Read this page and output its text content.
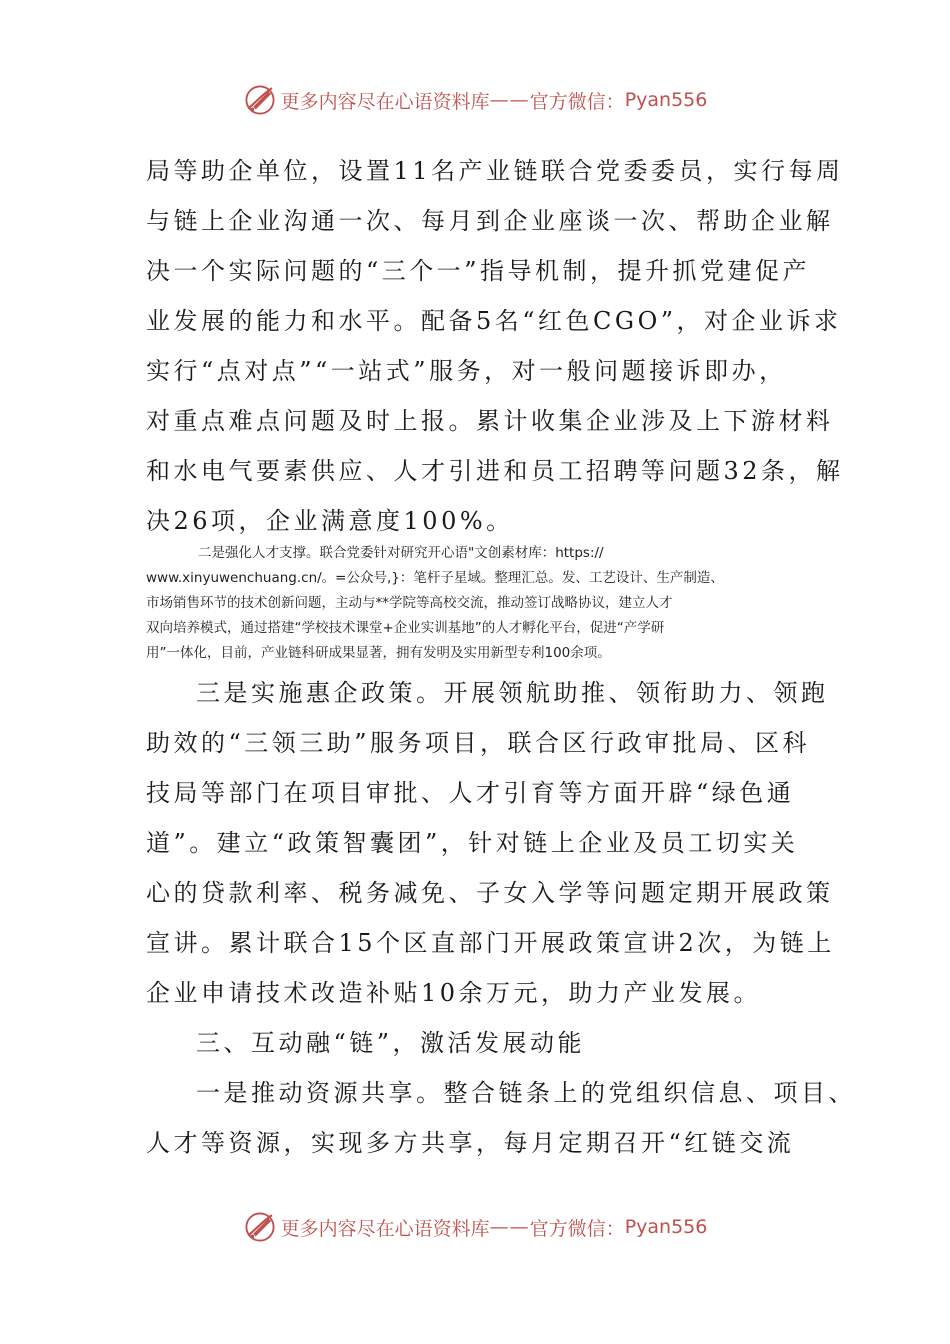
更多内容尽在心语资料库 —— 官方微信： Pyan556

局等助企单位，设置11名产业链联合党委委员，实行每周

与链上企业沟通一次、每月到企业座谈一次、帮助企业解

决一个实际问题的“三个一”指导机制，提升抓党建促产

业发展的能力和水平。配备5名“红色CGO”，对企业诉求

实行“点对点”“一站式”服务，对一般问题接诉即办，

对重点难点问题及时上报。累计收集企业涉及上下游材料

和水电气要素供应、人才引进和员工招聘等问题32条，解

决26项，企业满意度100%。

二是强化人才支撑。联合党委针对研究开心语"文创素材库：https://

www.xinyuwenchuang.cn/。=公众号,}：笔杆子星域。整理汇总。发、工艺设计、生产制造、

市场销售环节的技术创新问题，主动与**学院等高校交流，推动签订战略协议，建立人才

双向培养模式，通过搭建“学校技术课堂+企业实训基地”的人才孵化平台，促进“产学研

用”一体化，目前，产业链科研成果显著，拥有发明及实用新型专利100余项。

三是实施惠企政策。开展领航助推、领衔助力、领跑

助效的“三领三助”服务项目，联合区行政审批局、区科

技局等部门在项目审批、人才引育等方面开辟“绿色通

道”。建立“政策智囊团”，针对链上企业及员工切实关

心的贷款利率、税务减免、子女入学等问题定期开展政策

宣讲。累计联合15个区直部门开展政策宣讲2次，为链上

企业申请技术改造补贴10余万元，助力产业发展。

三、互动融“链”，激活发展动能

一是推动资源共享。整合链条上的党组织信息、项目、

人才等资源，实现多方共享，每月定期召开“红链交流

更多内容尽在心语资料库 —— 官方微信： Pyan556
